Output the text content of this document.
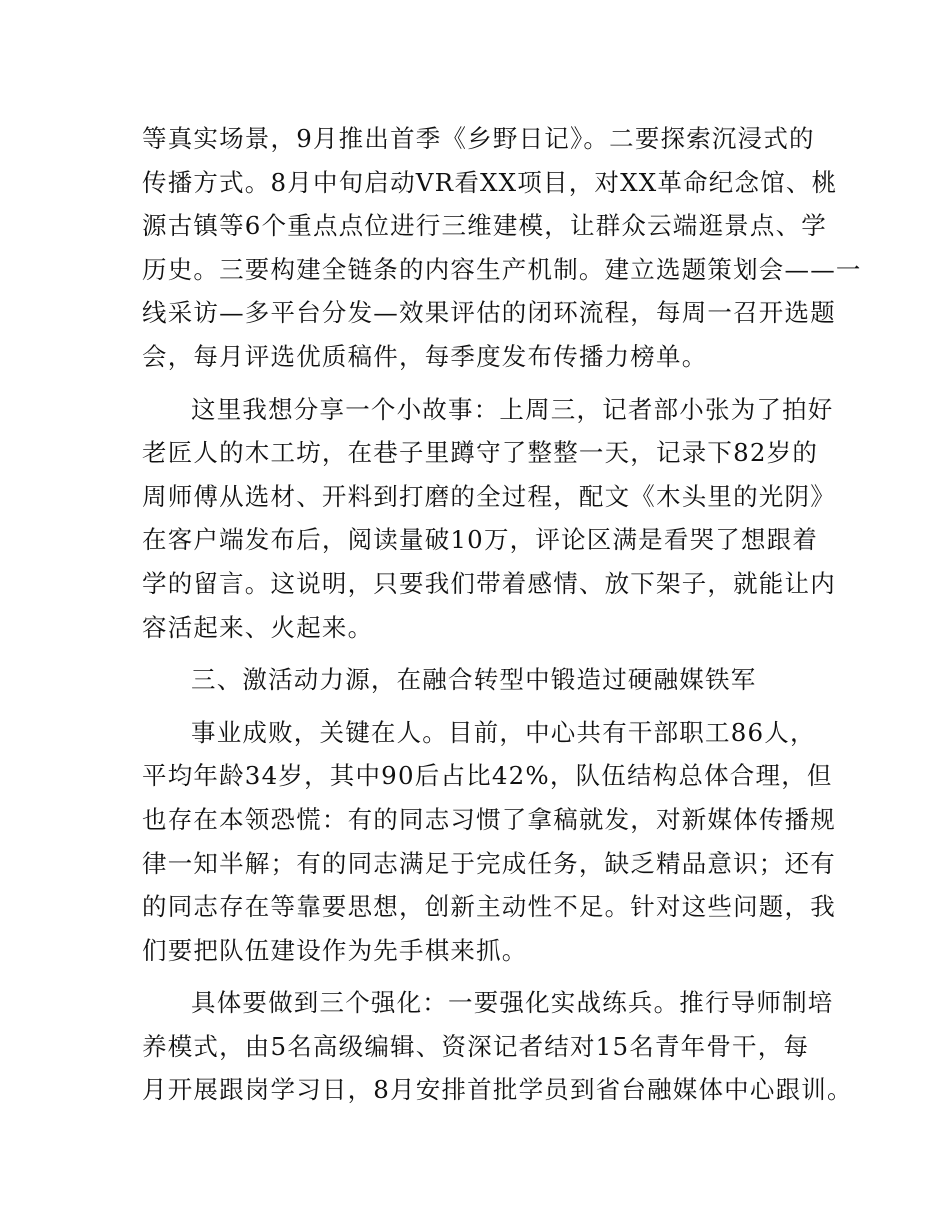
等真实场景，9月推出首季《乡野日记》。二要探索沉浸式的
传播方式。8月中旬启动VR看XX项目，对XX革命纪念馆、桃
源古镇等6个重点点位进行三维建模，让群众云端逛景点、学
历史。三要构建全链条的内容生产机制。建立选题策划会——一
线采访—多平台分发—效果评估的闭环流程，每周一召开选题
会，每月评选优质稿件，每季度发布传播力榜单。
这里我想分享一个小故事：上周三，记者部小张为了拍好
老匠人的木工坊，在巷子里蹲守了整整一天，记录下82岁的
周师傅从选材、开料到打磨的全过程，配文《木头里的光阴》
在客户端发布后，阅读量破10万，评论区满是看哭了想跟着
学的留言。这说明，只要我们带着感情、放下架子，就能让内
容活起来、火起来。
三、激活动力源，在融合转型中锻造过硬融媒铁军
事业成败，关键在人。目前，中心共有干部职工86人，
平均年龄34岁，其中90后占比42%，队伍结构总体合理，但
也存在本领恐慌：有的同志习惯了拿稿就发，对新媒体传播规
律一知半解；有的同志满足于完成任务，缺乏精品意识；还有
的同志存在等靠要思想，创新主动性不足。针对这些问题，我
们要把队伍建设作为先手棋来抓。
具体要做到三个强化：一要强化实战练兵。推行导师制培
养模式，由5名高级编辑、资深记者结对15名青年骨干，每
月开展跟岗学习日，8月安排首批学员到省台融媒体中心跟训。
